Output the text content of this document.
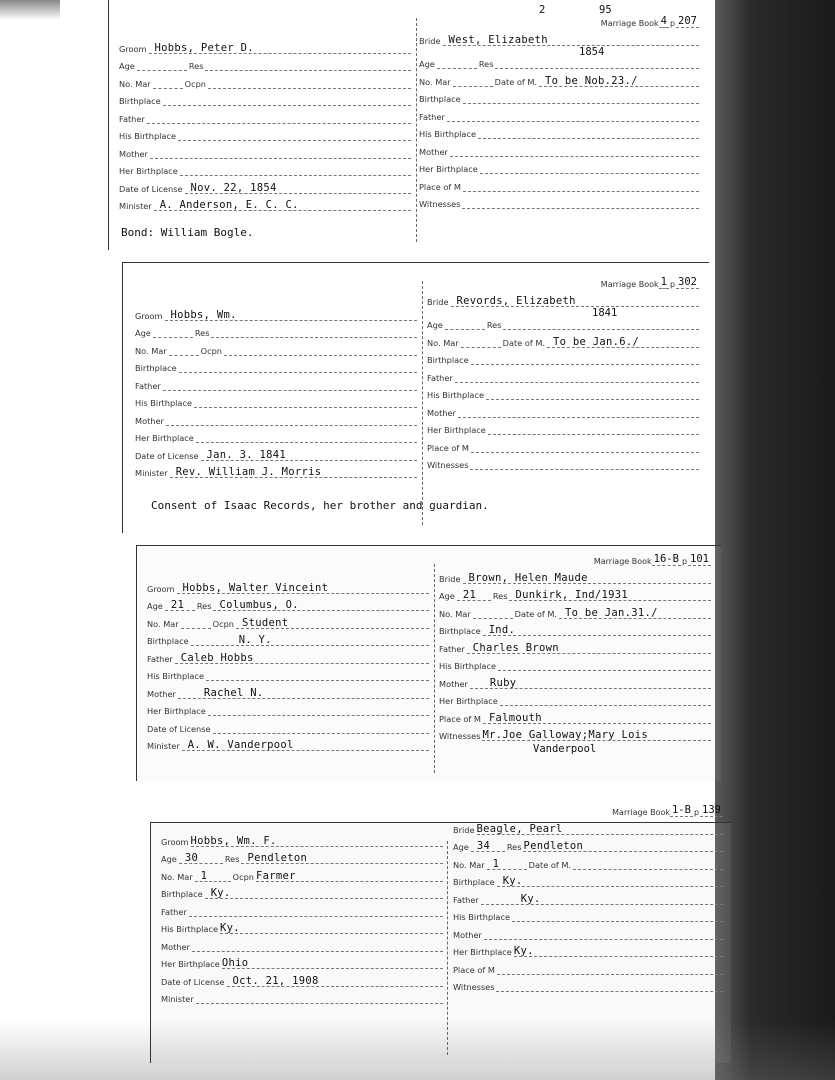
Groom Hobbs, Peter D.
Age	Res
No. Mar	Ocpn
Birthplace
Father
His Birthplace
Mother
Her Birthplace
Date of License Nov. 22, 1854
Minister A. Anderson, E. C. C.
95
2
Marriage Book 4 p 207
Bride West, Elizabeth
1854
Age	Res
No. Mar	Date of M. To be Nob.23./
Birthplace
Father
His Birthplace
Mother
Her Birthplace
Place of M
Witnesses
Bond: William Bogle.
Groom Hobbs, Wm.
Age	Res
No. Mar	Ocpn
Birthplace
Father
His Birthplace
Mother
Her Birthplace
Date of License Jan. 3. 1841
Minister Rev. William J. Morris
Marriage Book 1 p 302
Bride Revords, Elizabeth
1841
Age	Res
No. Mar	Date of M. To be Jan.6./
Birthplace
Father
His Birthplace
Mother
Her Birthplace
Place of M
Witnesses
Consent of Isaac Records, her brother and guardian.
Groom Hobbs, Walter Vinceint
Age 21 Res Columbus, O.
No. Mar	Ocpn Student
Birthplace	N. Y.
Father Caleb Hobbs
His Birthplace
Mother	Rachel N.
Her Birthplace
Date of License
Minister A. W. Vanderpool
Marriage Book 16-B p 101
Bride Brown, Helen Maude
Age 21 Res Dunkirk, Ind/1931
No. Mar	Date of M. To be Jan.31./
Birthplace Ind.
Father Charles Brown
His Birthplace
Mother	Ruby
Her Birthplace
Place of M Falmouth
Witnesses Mr.Joe Galloway;Mary Lois
Vanderpool
Groom Hobbs, Wm. F.
Age 30	Res Pendleton
No. Mar 1	Ocpn Farmer
Birthplace Ky.
Father
His Birthplace Ky.
Mother
Her Birthplace Ohio
Date of License Oct. 21, 1908
Minister
Marriage Book 1-B p 139
Bride Beagle, Pearl
Age 34 Res Pendleton
No. Mar 1	Date of M.
Birthplace Ky.
Father	Ky.
His Birthplace
Mother
Her Birthplace Ky.
Place of M
Witnesses
